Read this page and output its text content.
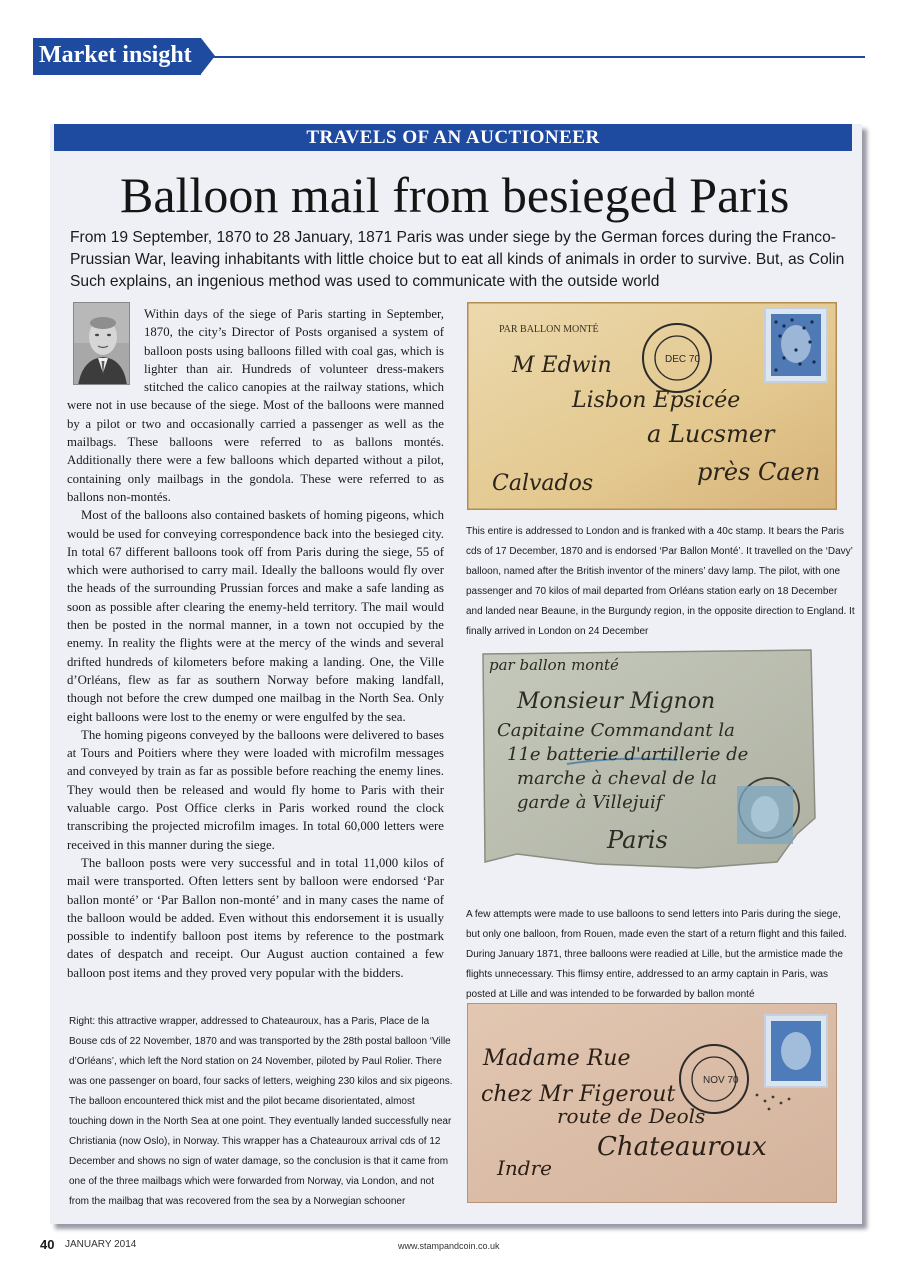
Market insight
TRAVELS OF AN AUCTIONEER
Balloon mail from besieged Paris
From 19 September, 1870 to 28 January, 1871 Paris was under siege by the German forces during the Franco-Prussian War, leaving inhabitants with little choice but to eat all kinds of animals in order to survive. But, as Colin Such explains, an ingenious method was used to communicate with the outside world

Within days of the siege of Paris starting in September, 1870, the city’s Director of Posts organised a system of balloon posts using balloons filled with coal gas, which is lighter than air. Hundreds of volunteer dress-makers stitched the calico canopies at the railway stations, which were not in use because of the siege. Most of the balloons were manned by a pilot or two and occasionally carried a passenger as well as the mailbags. These balloons were referred to as ballons montés. Additionally there were a few balloons which departed without a pilot, containing only mailbags in the gondola. These were referred to as ballons non-montés.

Most of the balloons also contained baskets of homing pigeons, which would be used for conveying correspondence back into the besieged city. In total 67 different balloons took off from Paris during the siege, 55 of which were authorised to carry mail. Ideally the balloons would fly over the heads of the surrounding Prussian forces and make a safe landing as soon as possible after clearing the enemy-held territory. The mail would then be posted in the normal manner, in a town not occupied by the enemy. In reality the flights were at the mercy of the winds and several drifted hundreds of kilometers before making a landing. One, the Ville d’Orléans, flew as far as southern Norway before making landfall, though not before the crew dumped one mailbag in the North Sea. Only eight balloons were lost to the enemy or were engulfed by the sea.

The homing pigeons conveyed by the balloons were delivered to bases at Tours and Poitiers where they were loaded with microfilm messages and conveyed by train as far as possible before reaching the enemy lines. They would then be released and would fly home to Paris with their valuable cargo. Post Office clerks in Paris worked round the clock transcribing the projected microfilm images. In total 60,000 letters were received in this manner during the siege.

The balloon posts were very successful and in total 11,000 kilos of mail were transported. Often letters sent by balloon were endorsed ‘Par ballon monté’ or ‘Par Ballon non-monté’ and in many cases the name of the balloon would be added. Even without this endorsement it is usually possible to indentify balloon post items by reference to the postmark dates of despatch and receipt. Our August auction contained a few balloon post items and they proved very popular with the bidders.

PAR BALLON MONTÉ
DEC 70
M Edwin
Lisbon Epsicée
a Lucsmer
Calvados	près Caen
par ballon monté
Monsieur Mignon
Capitaine Commandant la
11e batterie d'artillerie de
marche à cheval de la
garde à Villejuif
Paris
NOV 70
Madame Rue
chez Mr Figerout
route de Deols
Chateauroux
Indre
This entire is addressed to London and is franked with a 40c stamp. It bears the Paris cds of 17 December, 1870 and is endorsed ‘Par Ballon Monté’. It travelled on the ‘Davy’ balloon, named after the British inventor of the miners’ davy lamp. The pilot, with one passenger and 70 kilos of mail departed from Orléans station early on 18 December and landed near Beaune, in the Burgundy region, in the opposite direction to England. It finally arrived in London on 24 December
A few attempts were made to use balloons to send letters into Paris during the siege, but only one balloon, from Rouen, made even the start of a return flight and this failed. During January 1871, three balloons were readied at Lille, but the armistice made the flights unnecessary. This flimsy entire, addressed to an army captain in Paris, was posted at Lille and was intended to be forwarded by ballon monté
Right: this attractive wrapper, addressed to Chateauroux, has a Paris, Place de la Bouse cds of 22 November, 1870 and was transported by the 28th postal balloon ‘Ville d’Orléans’, which left the Nord station on 24 November, piloted by Paul Rolier. There was one passenger on board, four sacks of letters, weighing 230 kilos and six pigeons. The balloon encountered thick mist and the pilot became disorientated, almost touching down in the North Sea at one point. They eventually landed successfully near Christiania (now Oslo), in Norway. This wrapper has a Chateauroux arrival cds of 12 December and shows no sign of water damage, so the conclusion is that it came from one of the three mailbags which were forwarded from Norway, via London, and not from the mailbag that was recovered from the sea by a Norwegian schooner
40 JANUARY 2014	www.stampandcoin.co.uk
